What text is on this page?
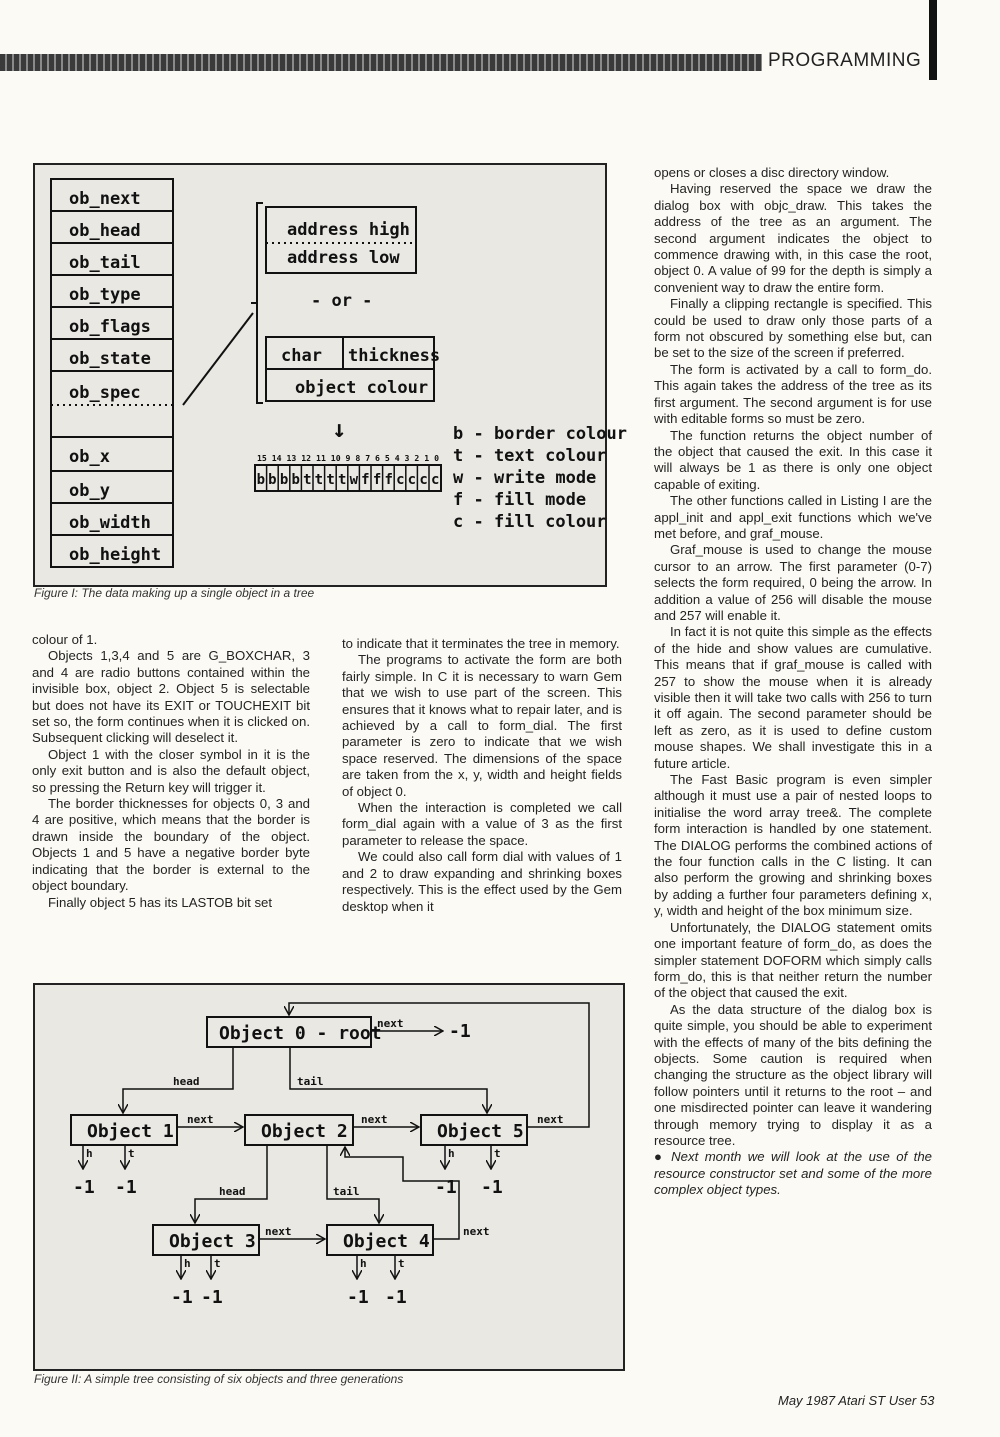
PROGRAMMING
ob_next
ob_head
ob_tail
ob_type
ob_flags
ob_state
ob_spec
ob_x
ob_y
ob_width
ob_height
address high
address low
- or -
char thickness
object colour
↓	b - border colour
t - text colour
w - write mode
f - fill mode
c - fill colour
15 14 13 12 11 10 9 8 7 6 5 4 3 2 1 0
b b b b t t t t w f f f c c c c
Figure I: The data making up a single object in a tree

colour of 1.

Objects 1,3,4 and 5 are G_BOXCHAR, 3 and 4 are radio buttons contained within the invisible box, object 2. Object 5 is selectable but does not have its EXIT or TOUCHEXIT bit set so, the form continues when it is clicked on. Subsequent clicking will deselect it.

Object 1 with the closer symbol in it is the only exit button and is also the default object, so pressing the Return key will trigger it.

The border thicknesses for objects 0, 3 and 4 are positive, which means that the border is drawn inside the boundary of the object. Objects 1 and 5 have a negative border byte indicating that the border is external to the object boundary.

Finally object 5 has its LASTOB bit set

to indicate that it terminates the tree in memory.

The programs to activate the form are both fairly simple. In C it is necessary to warn Gem that we wish to use part of the screen. This ensures that it knows what to repair later, and is achieved by a call to form_dial. The first parameter is zero to indicate that we wish space reserved. The dimensions of the space are taken from the x, y, width and height fields of object 0.

When the interaction is completed we call form_dial again with a value of 3 as the first parameter to release the space.

We could also call form dial with values of 1 and 2 to draw expanding and shrinking boxes respectively. This is the effect used by the Gem desktop when it

Object 0 - root
Object 1	Object 2	Object 5
Object 3	Object 4
-1
-1 -1	-1 -1
-1 -1	-1 -1
next
head	tail
next	next	next
head	tail
next	next
h	t	h	t
h t	h	t
Figure II: A simple tree consisting of six objects and three generations

opens or closes a disc directory window.

Having reserved the space we draw the dialog box with objc_draw. This takes the address of the tree as an argument. The second argument indicates the object to commence drawing with, in this case the root, object 0. A value of 99 for the depth is simply a convenient way to draw the entire form.

Finally a clipping rectangle is specified. This could be used to draw only those parts of a form not obscured by something else but, can be set to the size of the screen if preferred.

The form is activated by a call to form_do. This again takes the address of the tree as its first argument. The second argument is for use with editable forms so must be zero.

The function returns the object number of the object that caused the exit. In this case it will always be 1 as there is only one object capable of exiting.

The other functions called in Listing I are the appl_init and appl_exit functions which we've met before, and graf_mouse.

Graf_mouse is used to change the mouse cursor to an arrow. The first parameter (0-7) selects the form required, 0 being the arrow. In addition a value of 256 will disable the mouse and 257 will enable it.

In fact it is not quite this simple as the effects of the hide and show values are cumulative. This means that if graf_mouse is called with 257 to show the mouse when it is already visible then it will take two calls with 256 to turn it off again. The second parameter should be left as zero, as it is used to define custom mouse shapes. We shall investigate this in a future article.

The Fast Basic program is even simpler although it must use a pair of nested loops to initialise the word array tree&. The complete form interaction is handled by one statement. The DIALOG performs the combined actions of the four function calls in the C listing. It can also perform the growing and shrinking boxes by adding a further four parameters defining x, y, width and height of the box minimum size.

Unfortunately, the DIALOG statement omits one important feature of form_do, as does the simpler statement DOFORM which simply calls form_do, this is that neither return the number of the object that caused the exit.

As the data structure of the dialog box is quite simple, you should be able to experiment with the effects of many of the bits defining the objects. Some caution is required when changing the structure as the object library will follow pointers until it returns to the root – and one misdirected pointer can leave it wandering through memory trying to display it as a resource tree.

● Next month we will look at the use of the resource constructor set and some of the more complex object types.

May 1987 Atari ST User 53
